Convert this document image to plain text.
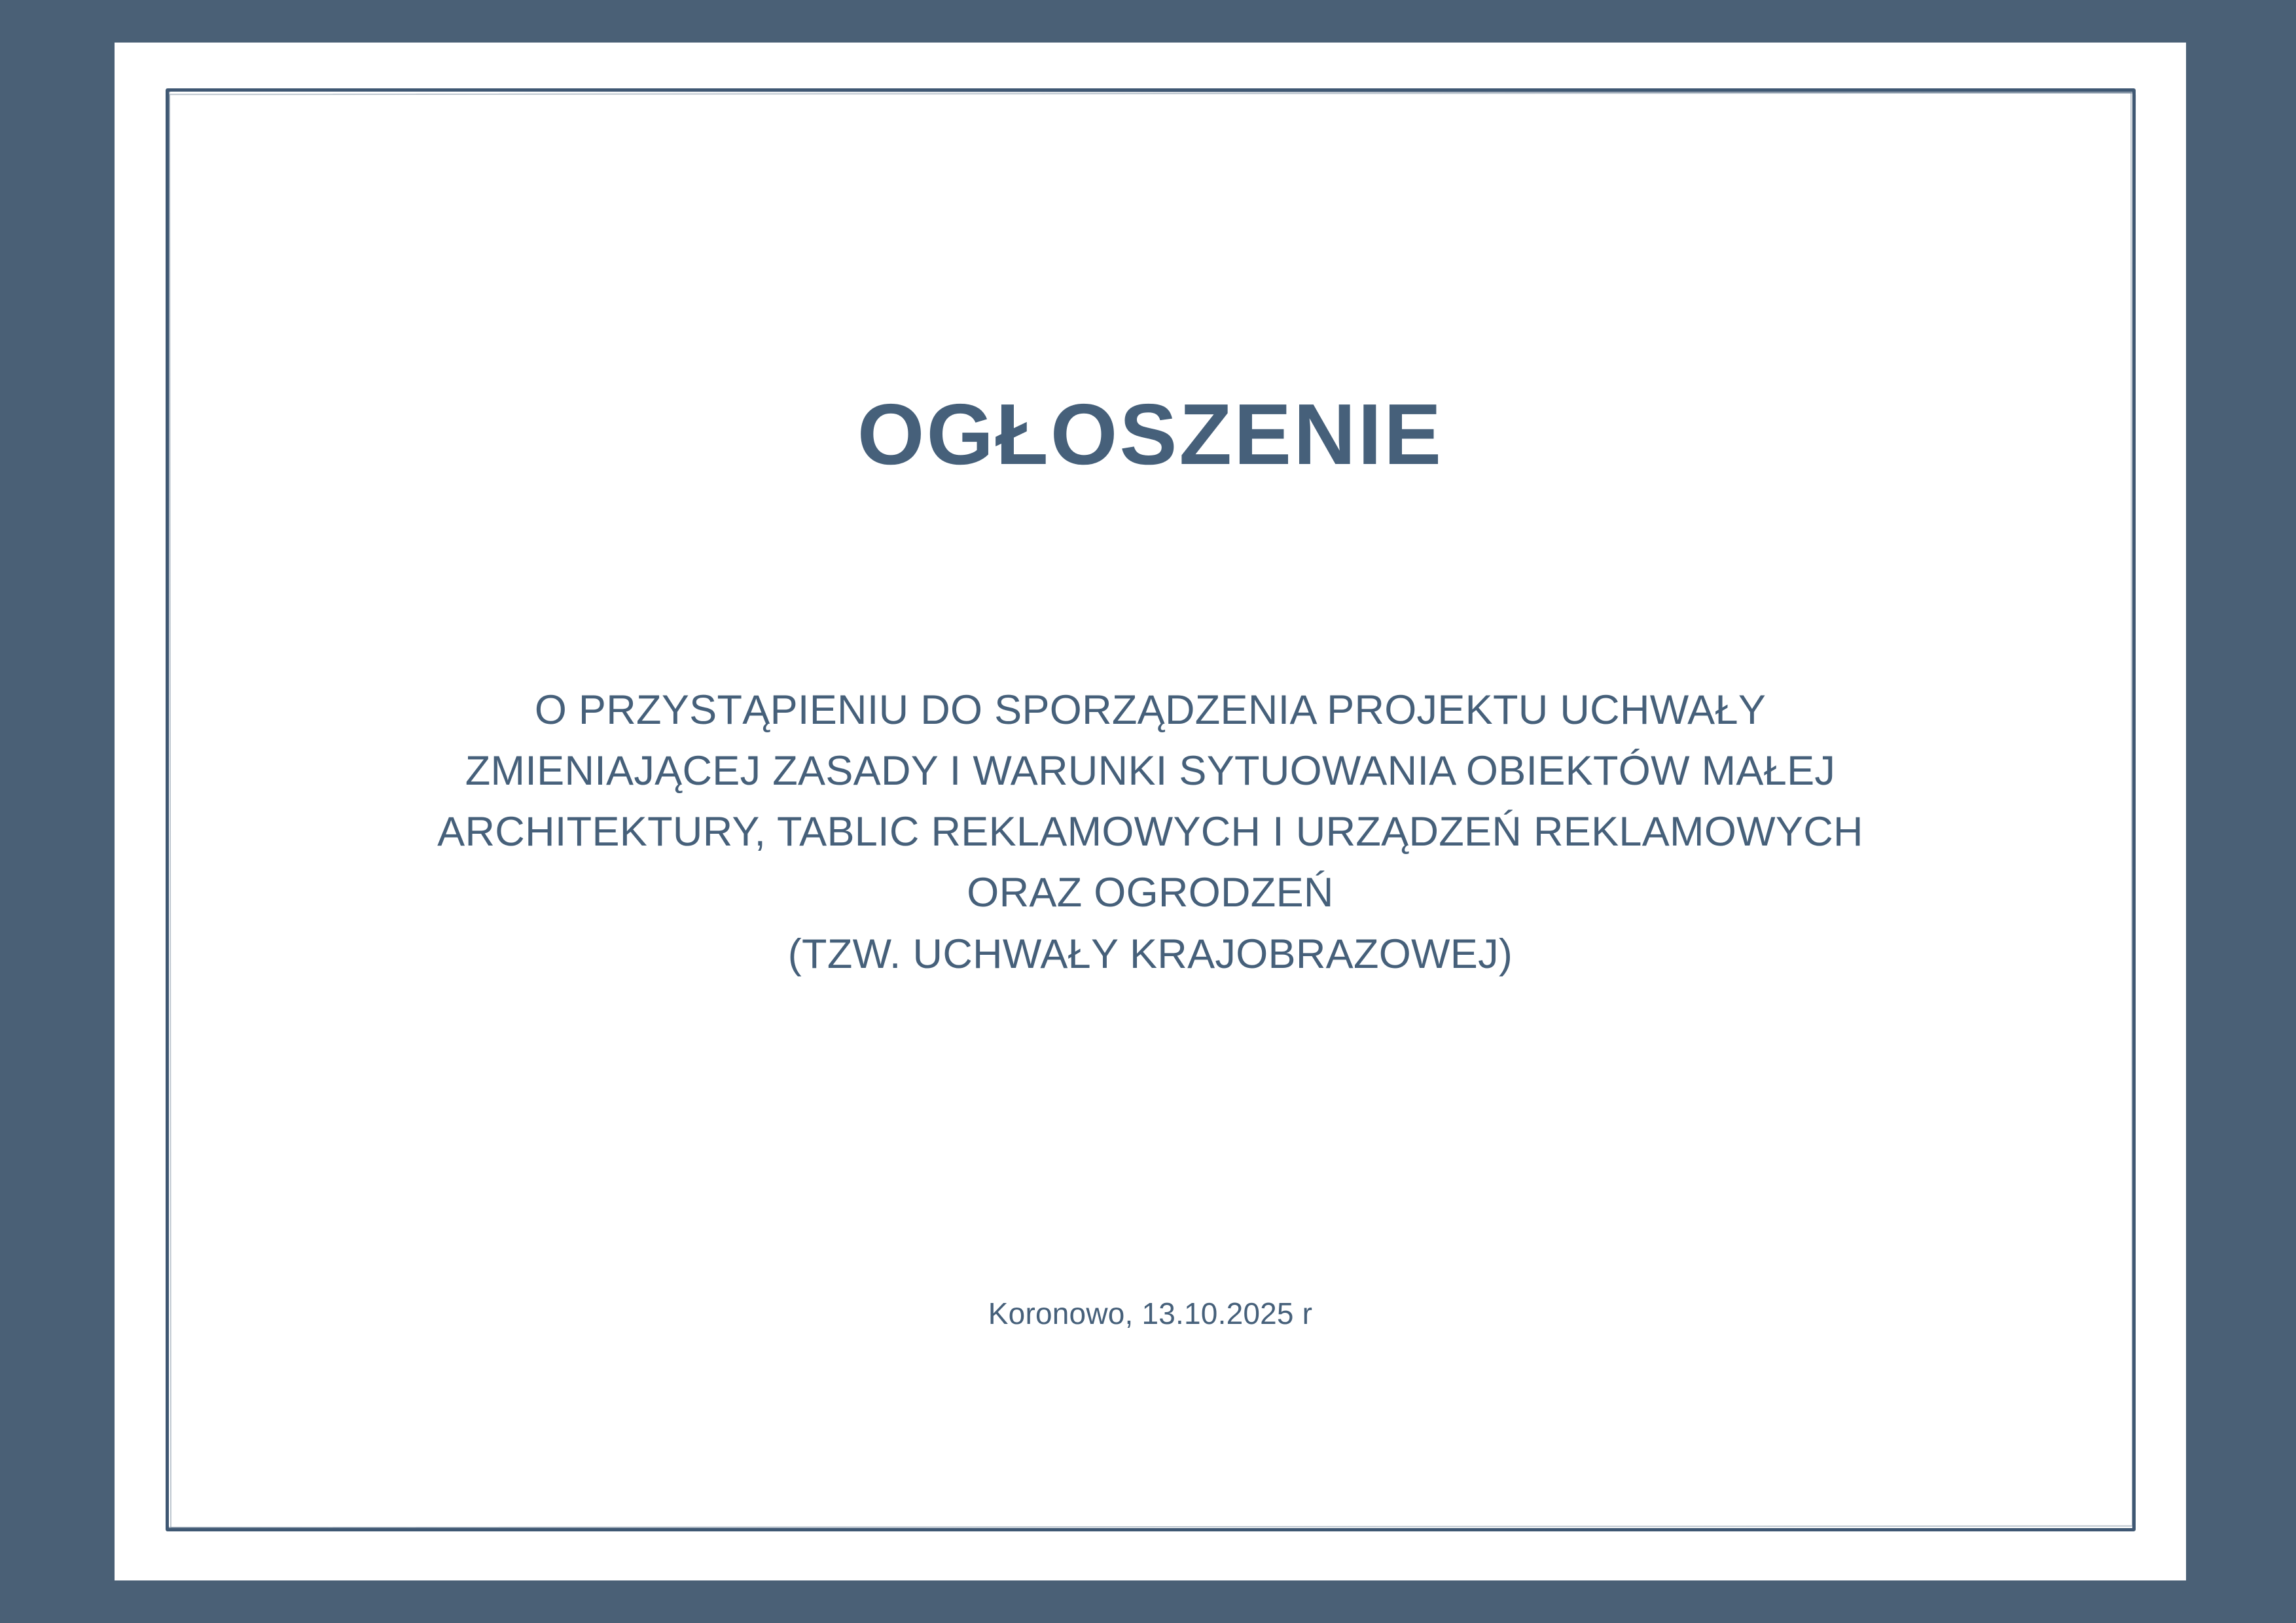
OGŁOSZENIE
O PRZYSTĄPIENIU DO SPORZĄDZENIA PROJEKTU UCHWAŁY
ZMIENIAJĄCEJ ZASADY I WARUNKI SYTUOWANIA OBIEKTÓW MAŁEJ
ARCHITEKTURY, TABLIC REKLAMOWYCH I URZĄDZEŃ REKLAMOWYCH
ORAZ OGRODZEŃ
(TZW. UCHWAŁY KRAJOBRAZOWEJ)
Koronowo, 13.10.2025 r
